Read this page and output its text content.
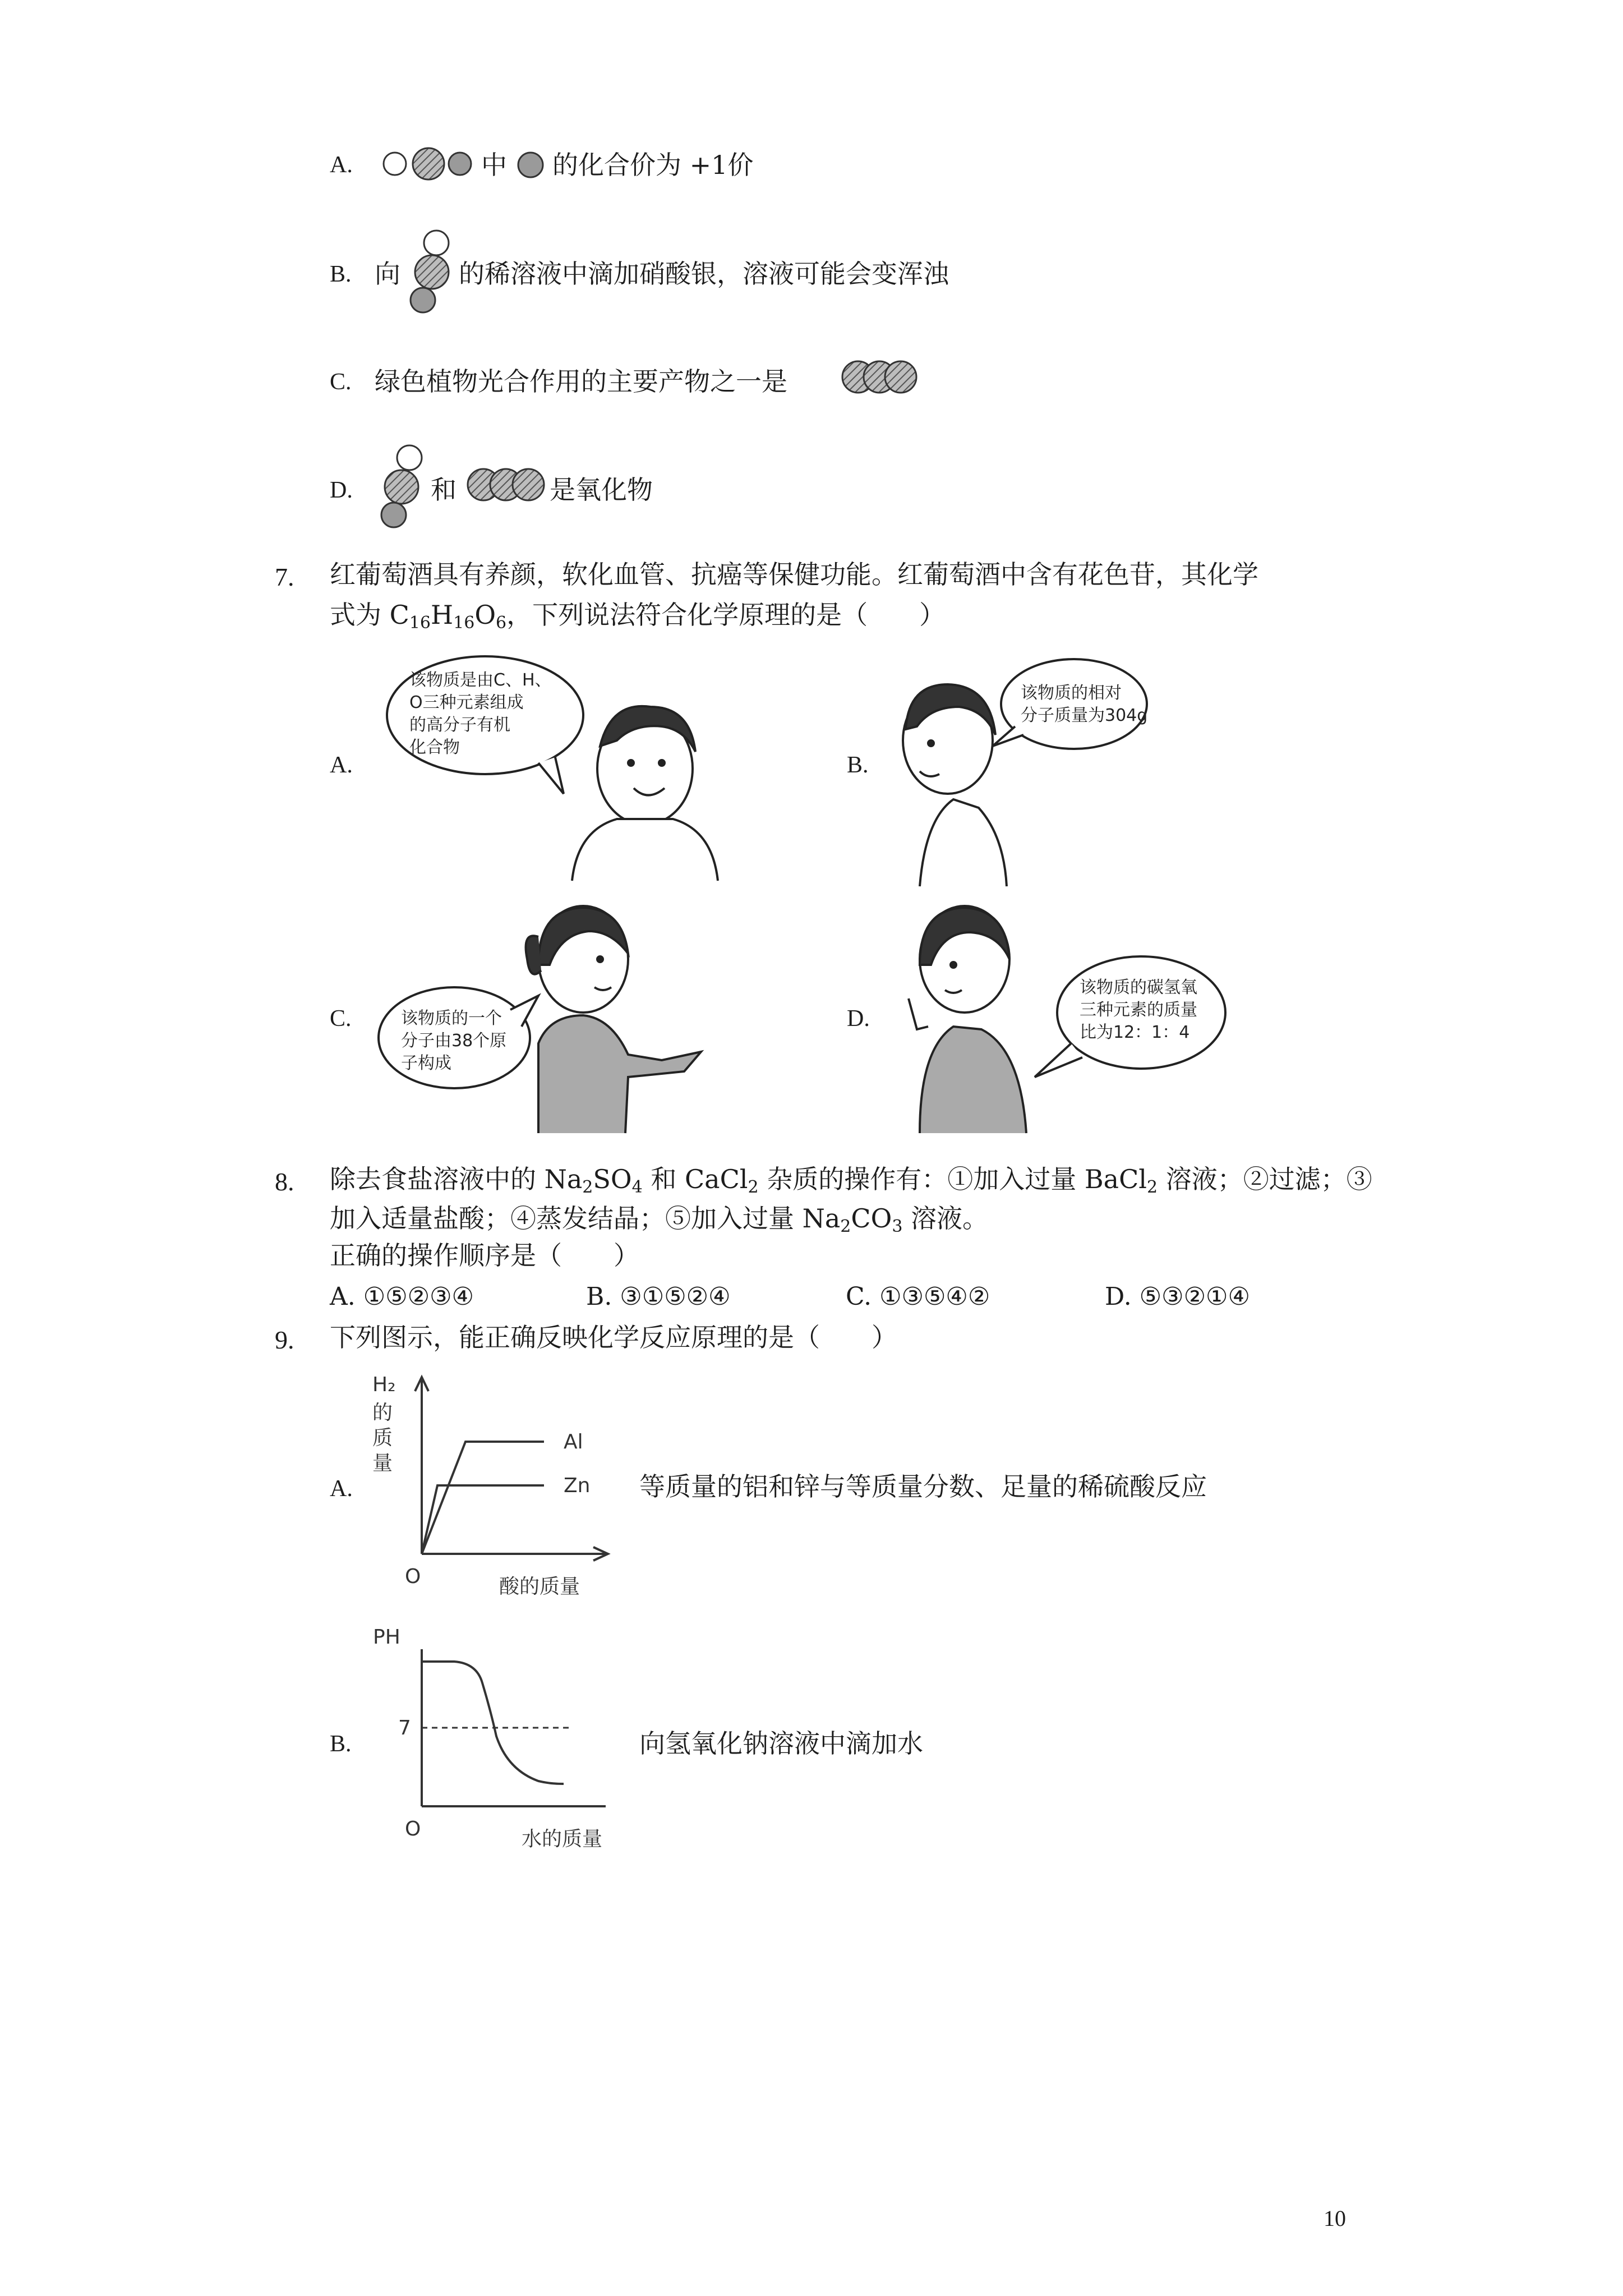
A.	中 的化合价为 +1价
B. 向 的稀溶液中滴加硝酸银，溶液可能会变浑浊
C. 绿色植物光合作用的主要产物之一是
D.	和	是氧化物
7. 红葡萄酒具有养颜，软化血管、抗癌等保健功能。红葡萄酒中含有花色苷，其化学
式为 $C_{16}H_{16}O_6$，下列说法符合化学原理的是（　　）
A.
该物质是由C、H、
O三种元素组成
的高分子有机
化合物
B.
该物质的相对
分子质量为304g
C.	该物质的一个
分子由38个原
子构成
D.
该物质的碳氢氧
三种元素的质量
比为12：1：4
8. 除去食盐溶液中的 $Na_2SO_4$ 和 CaCl$_2$ 杂质的操作有：①加入过量 BaCl$_2$ 溶液；②过滤；③
加入适量盐酸；④蒸发结晶；⑤加入过量 $Na_2CO_3$ 溶液。
正确的操作顺序是（　　）
A. ①⑤②③④	B. ③①⑤②④	C. ①③⑤④②	D. ⑤③②①④
9. 下列图示，能正确反映化学反应原理的是（　　）
A.
H₂
的
质
量
Al
Zn
O	酸的质量
等质量的铝和锌与等质量分数、足量的稀硫酸反应
B.
PH
7
O	水的质量
向氢氧化钠溶液中滴加水
10
